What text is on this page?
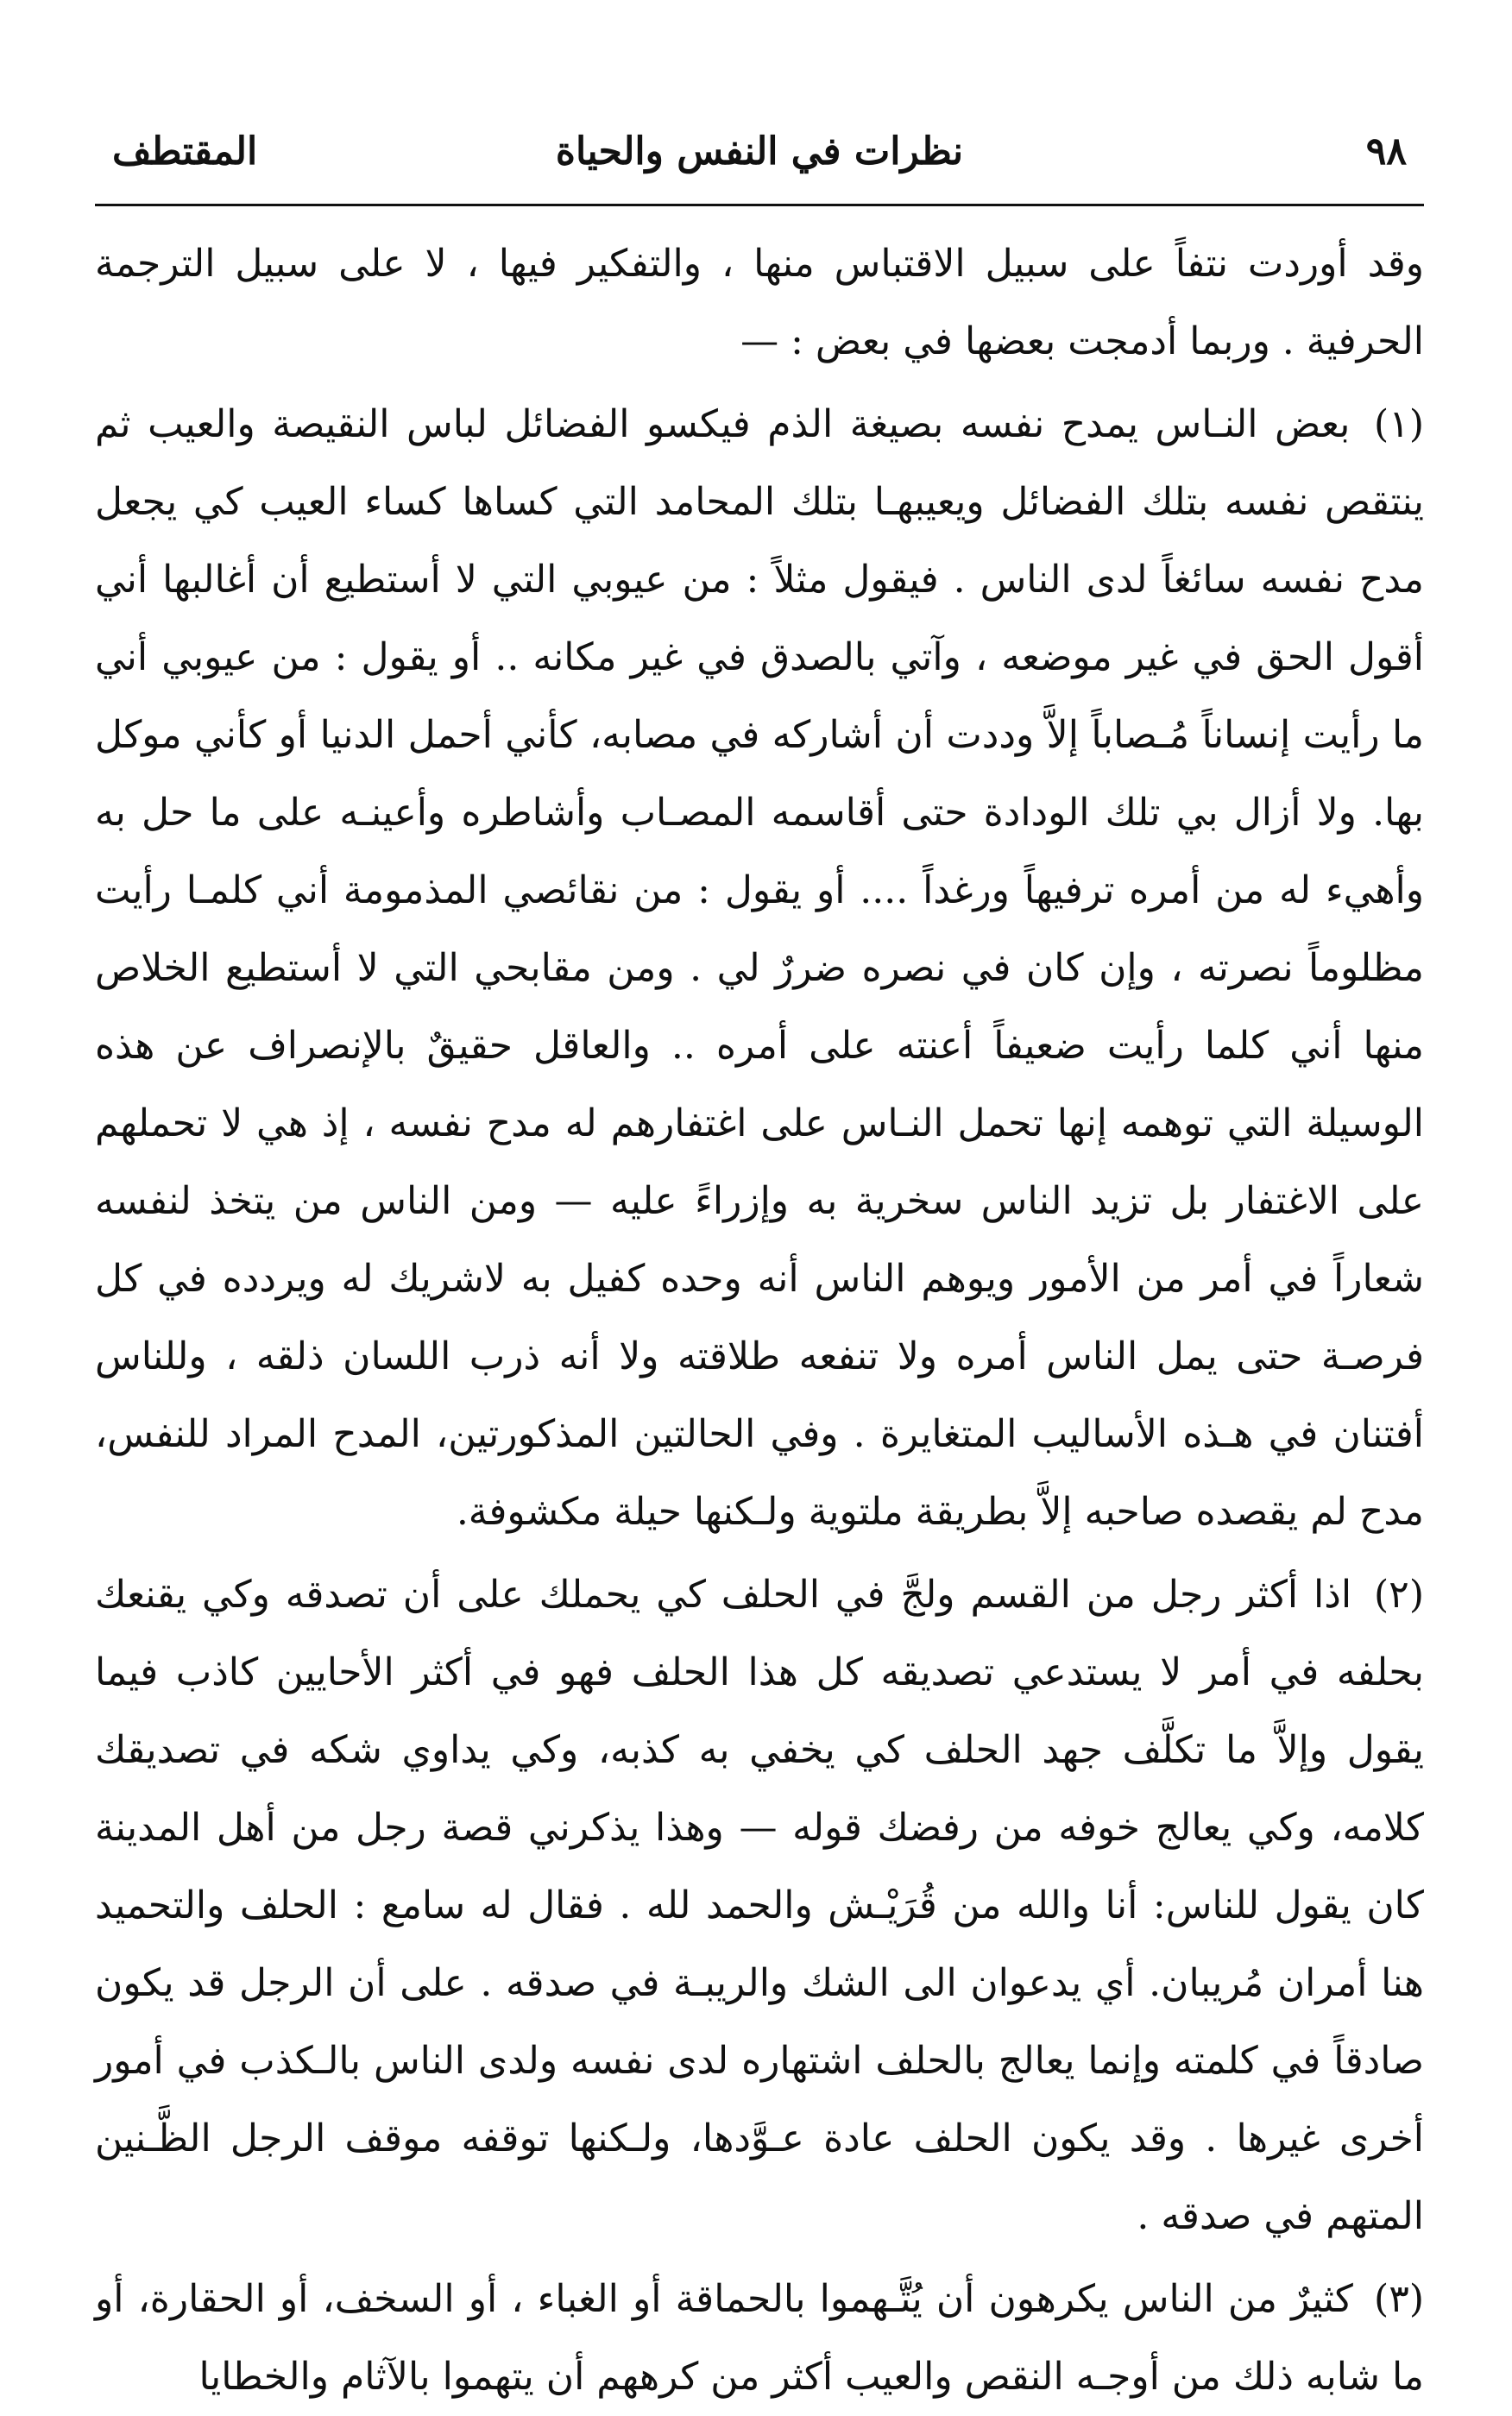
٩٨
نظرات في النفس والحياة
المقتطف

وقد أوردت نتفاً على سبيل الاقتباس منها ، والتفكير فيها ، لا على سبيل الترجمة الحرفية . وربما أدمجت بعضها في بعض : —

(١) بعض النـاس يمدح نفسه بصيغة الذم فيكسو الفضائل لباس النقيصة والعيب ثم ينتقص نفسه بتلك الفضائل ويعيبهـا بتلك المحامد التي كساها كساء العيب كي يجعل مدح نفسه سائغاً لدى الناس . فيقول مثلاً : من عيوبي التي لا أستطيع أن أغالبها أني أقول الحق في غير موضعه ، وآتي بالصدق في غير مكانه .. أو يقول : من عيوبي أني ما رأيت إنساناً مُـصاباً إلاَّ وددت أن أشاركه في مصابه، كأني أحمل الدنيا أو كأني موكل بها. ولا أزال بي تلك الودادة حتى أقاسمه المصـاب وأشاطره وأعينـه على ما حل به وأهيء له من أمره ترفيهاً ورغداً .... أو يقول : من نقائصي المذمومة أني كلمـا رأيت مظلوماً نصرته ، وإن كان في نصره ضررٌ لي . ومن مقابحي التي لا أستطيع الخلاص منها أني كلما رأيت ضعيفاً أعنته على أمره .. والعاقل حقيقٌ بالإنصراف عن هذه الوسيلة التي توهمه إنها تحمل النـاس على اغتفارهم له مدح نفسه ، إذ هي لا تحملهم على الاغتفار بل تزيد الناس سخرية به وإزراءً عليه — ومن الناس من يتخذ لنفسه شعاراً في أمر من الأمور ويوهم الناس أنه وحده كفيل به لاشريك له ويردده في كل فرصـة حتى يمل الناس أمره ولا تنفعه طلاقته ولا أنه ذرب اللسان ذلقه ، وللناس أفتنان في هـذه الأساليب المتغايرة . وفي الحالتين المذكورتين، المدح المراد للنفس، مدح لم يقصده صاحبه إلاَّ بطريقة ملتوية ولـكنها حيلة مكشوفة.

(٢) اذا أكثر رجل من القسم ولجَّ في الحلف كي يحملك على أن تصدقه وكي يقنعك بحلفه في أمر لا يستدعي تصديقه كل هذا الحلف فهو في أكثر الأحايين كاذب فيما يقول وإلاَّ ما تكلَّف جهد الحلف كي يخفي به كذبه، وكي يداوي شكه في تصديقك كلامه، وكي يعالج خوفه من رفضك قوله — وهذا يذكرني قصة رجل من أهل المدينة كان يقول للناس: أنا والله من قُرَيْـش والحمد لله . فقال له سامع : الحلف والتحميد هنا أمران مُريبان. أي يدعوان الى الشك والريبـة في صدقه . على أن الرجل قد يكون صادقاً في كلمته وإنما يعالج بالحلف اشتهاره لدى نفسه ولدى الناس بالـكذب في أمور أخرى غيرها . وقد يكون الحلف عادة عـوَّدها، ولـكنها توقفه موقف الرجل الظَّـنين المتهم في صدقه .

(٣) كثيرٌ من الناس يكرهون أن يُتَّـهموا بالحماقة أو الغباء ، أو السخف، أو الحقارة، أو ما شابه ذلك من أوجـه النقص والعيب أكثر من كرههم أن يتهموا بالآثام والخطايا
